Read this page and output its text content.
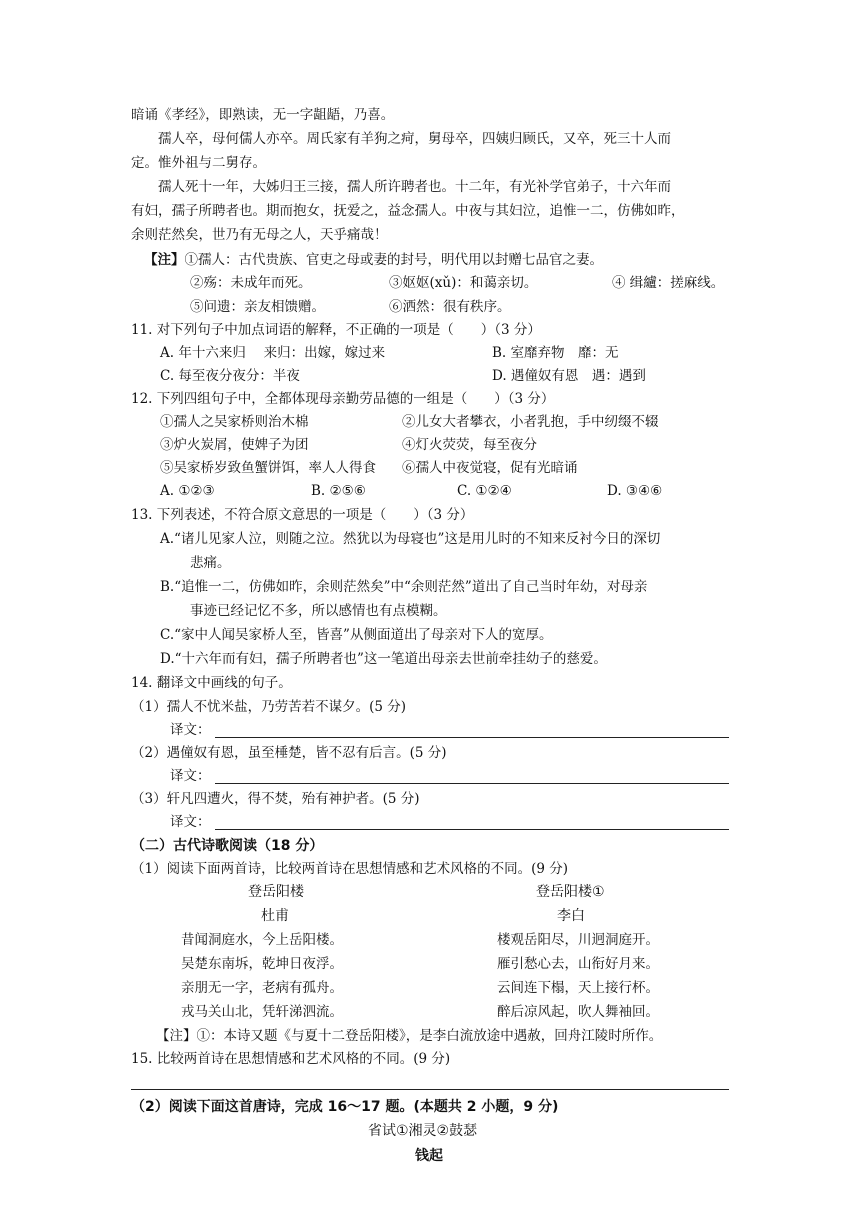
暗诵《孝经》，即熟读，无一字龃龉，乃喜。
孺人卒，母何儒人亦卒。周氏家有羊狗之疴，舅母卒，四姨归顾氏，又卒，死三十人而
定。惟外祖与二舅存。
孺人死十一年，大姊归王三接，孺人所许聘者也。十二年，有光补学官弟子，十六年而
有妇，孺子所聘者也。期而抱女，抚爱之，益念孺人。中夜与其妇泣，追惟一二，仿佛如昨，
余则茫然矣，世乃有无母之人，天乎痛哉！
【注】①孺人：古代贵族、官吏之母或妻的封号，明代用以封赠七品官之妻。
②殇：未成年而死。	③妪妪(xǔ)：和蔼亲切。	④ 缉纑：搓麻线。
⑤问遗：亲友相馈赠。	⑥洒然：很有秩序。
11. 对下列句子中加点词语的解释，不正确的一项是（　　）（3 分）
A. 年十六来归　 来归：出嫁，嫁过来	B. 室靡弃物　靡：无
C. 每至夜分夜分：半夜	D. 遇僮奴有恩　遇：遇到
12. 下列四组句子中，全都体现母亲勤劳品德的一组是（　　）（3 分）
①孺人之吴家桥则治木棉	②儿女大者攀衣，小者乳抱，手中纫缀不辍
③炉火炭屑，使婢子为团	④灯火荧荧，每至夜分
⑤吴家桥岁致鱼蟹饼饵，率人人得食 ⑥孺人中夜觉寝，促有光暗诵
A. ①②③	B. ②⑤⑥	C. ①②④	D. ③④⑥
13. 下列表述，不符合原文意思的一项是（　　）（3 分）
A.“诸儿见家人泣，则随之泣。然犹以为母寝也”这是用儿时的不知来反衬今日的深切
悲痛。
B.“追惟一二，仿佛如昨，余则茫然矣”中“余则茫然”道出了自己当时年幼，对母亲
事迹已经记忆不多，所以感情也有点模糊。
C.“家中人闻吴家桥人至，皆喜”从侧面道出了母亲对下人的宽厚。
D.“十六年而有妇，孺子所聘者也”这一笔道出母亲去世前牵挂幼子的慈爱。
14. 翻译文中画线的句子。
（1）孺人不忧米盐，乃劳苦若不谋夕。(5 分)
译文：
（2）遇僮奴有恩，虽至棰楚，皆不忍有后言。(5 分)
译文：
（3）轩凡四遭火，得不焚，殆有神护者。(5 分)
译文：
（二）古代诗歌阅读（18 分）
（1）阅读下面两首诗，比较两首诗在思想情感和艺术风格的不同。(9 分)
登岳阳楼
杜甫
昔闻洞庭水，今上岳阳楼。
吴楚东南坼，乾坤日夜浮。
亲朋无一字，老病有孤舟。
戎马关山北，凭轩涕泗流。
登岳阳楼①
李白
楼观岳阳尽，川迥洞庭开。
雁引愁心去，山衔好月来。
云间连下榻，天上接行杯。
醉后凉风起，吹人舞袖回。
【注】①：本诗又题《与夏十二登岳阳楼》，是李白流放途中遇赦，回舟江陵时所作。
15. 比较两首诗在思想情感和艺术风格的不同。(9 分)
（2）阅读下面这首唐诗，完成 16～17 题。(本题共 2 小题，9 分)
省试①湘灵②鼓瑟
钱起
